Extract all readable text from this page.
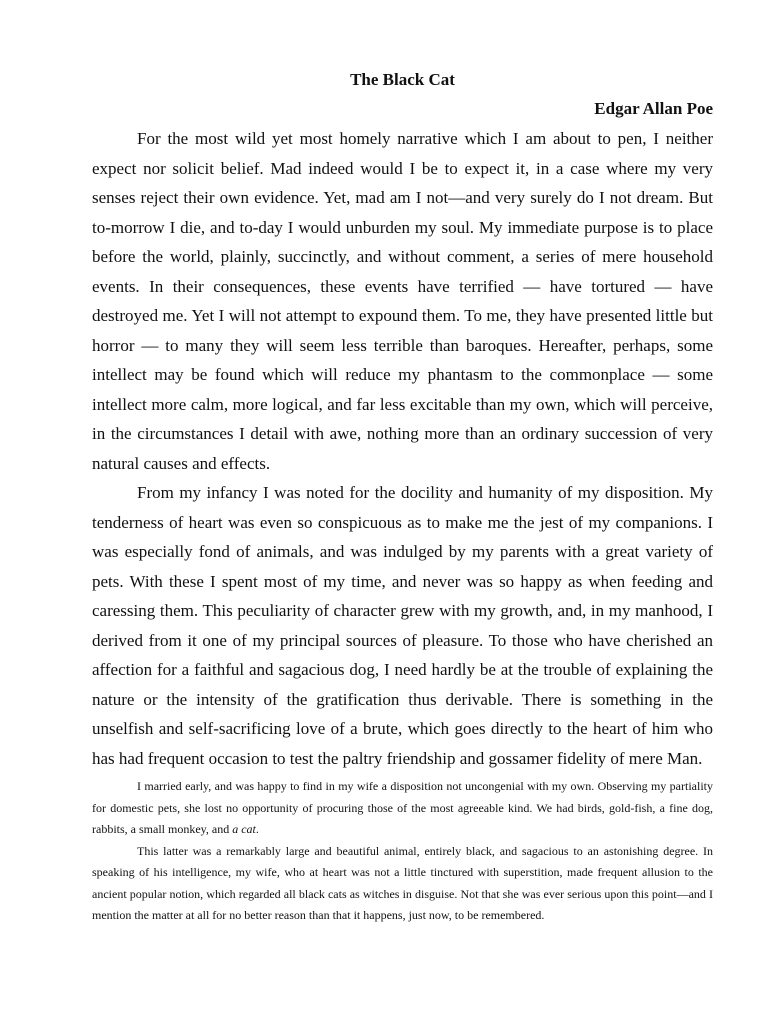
The Black Cat

Edgar Allan Poe

For the most wild yet most homely narrative which I am about to pen, I neither expect nor solicit belief. Mad indeed would I be to expect it, in a case where my very senses reject their own evidence. Yet, mad am I not—and very surely do I not dream. But to-morrow I die, and to-day I would unburden my soul. My immediate purpose is to place before the world, plainly, succinctly, and without comment, a series of mere household events. In their consequences, these events have terrified — have tortured — have destroyed me. Yet I will not attempt to expound them. To me, they have presented little but horror — to many they will seem less terrible than baroques. Hereafter, perhaps, some intellect may be found which will reduce my phantasm to the commonplace — some intellect more calm, more logical, and far less excitable than my own, which will perceive, in the circumstances I detail with awe, nothing more than an ordinary succession of very natural causes and effects.

From my infancy I was noted for the docility and humanity of my disposition. My tenderness of heart was even so conspicuous as to make me the jest of my companions. I was especially fond of animals, and was indulged by my parents with a great variety of pets. With these I spent most of my time, and never was so happy as when feeding and caressing them. This peculiarity of character grew with my growth, and, in my manhood, I derived from it one of my principal sources of pleasure. To those who have cherished an affection for a faithful and sagacious dog, I need hardly be at the trouble of explaining the nature or the intensity of the gratification thus derivable. There is something in the unselfish and self-sacrificing love of a brute, which goes directly to the heart of him who has had frequent occasion to test the paltry friendship and gossamer fidelity of mere Man.

I married early, and was happy to find in my wife a disposition not uncongenial with my own. Observing my partiality for domestic pets, she lost no opportunity of procuring those of the most agreeable kind. We had birds, gold-fish, a fine dog, rabbits, a small monkey, and a cat.

This latter was a remarkably large and beautiful animal, entirely black, and sagacious to an astonishing degree. In speaking of his intelligence, my wife, who at heart was not a little tinctured with superstition, made frequent allusion to the ancient popular notion, which regarded all black cats as witches in disguise. Not that she was ever serious upon this point—and I mention the matter at all for no better reason than that it happens, just now, to be remembered.
